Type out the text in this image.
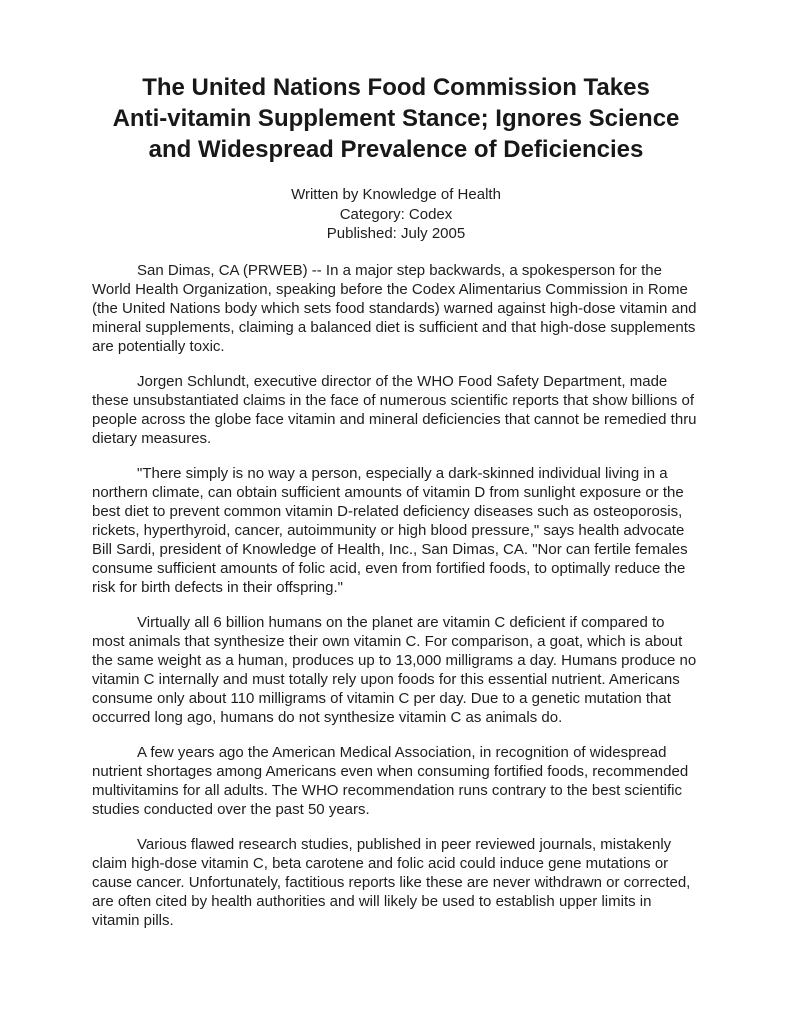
The United Nations Food Commission Takes
Anti-vitamin Supplement Stance; Ignores Science
and Widespread Prevalence of Deficiencies
Written by Knowledge of Health
Category: Codex
Published: July 2005

San Dimas, CA (PRWEB) -- In a major step backwards, a spokesperson for the World Health Organization, speaking before the Codex Alimentarius Commission in Rome (the United Nations body which sets food standards) warned against high-dose vitamin and mineral supplements, claiming a balanced diet is sufficient and that high-dose supplements are potentially toxic.

Jorgen Schlundt, executive director of the WHO Food Safety Department, made these unsubstantiated claims in the face of numerous scientific reports that show billions of people across the globe face vitamin and mineral deficiencies that cannot be remedied thru dietary measures.

"There simply is no way a person, especially a dark-skinned individual living in a northern climate, can obtain sufficient amounts of vitamin D from sunlight exposure or the best diet to prevent common vitamin D-related deficiency diseases such as osteoporosis, rickets, hyperthyroid, cancer, autoimmunity or high blood pressure," says health advocate Bill Sardi, president of Knowledge of Health, Inc., San Dimas, CA. "Nor can fertile females consume sufficient amounts of folic acid, even from fortified foods, to optimally reduce the risk for birth defects in their offspring."

Virtually all 6 billion humans on the planet are vitamin C deficient if compared to most animals that synthesize their own vitamin C. For comparison, a goat, which is about the same weight as a human, produces up to 13,000 milligrams a day. Humans produce no vitamin C internally and must totally rely upon foods for this essential nutrient. Americans consume only about 110 milligrams of vitamin C per day. Due to a genetic mutation that occurred long ago, humans do not synthesize vitamin C as animals do.

A few years ago the American Medical Association, in recognition of widespread nutrient shortages among Americans even when consuming fortified foods, recommended multivitamins for all adults. The WHO recommendation runs contrary to the best scientific studies conducted over the past 50 years.

Various flawed research studies, published in peer reviewed journals, mistakenly claim high-dose vitamin C, beta carotene and folic acid could induce gene mutations or cause cancer. Unfortunately, factitious reports like these are never withdrawn or corrected, are often cited by health authorities and will likely be used to establish upper limits in vitamin pills.
